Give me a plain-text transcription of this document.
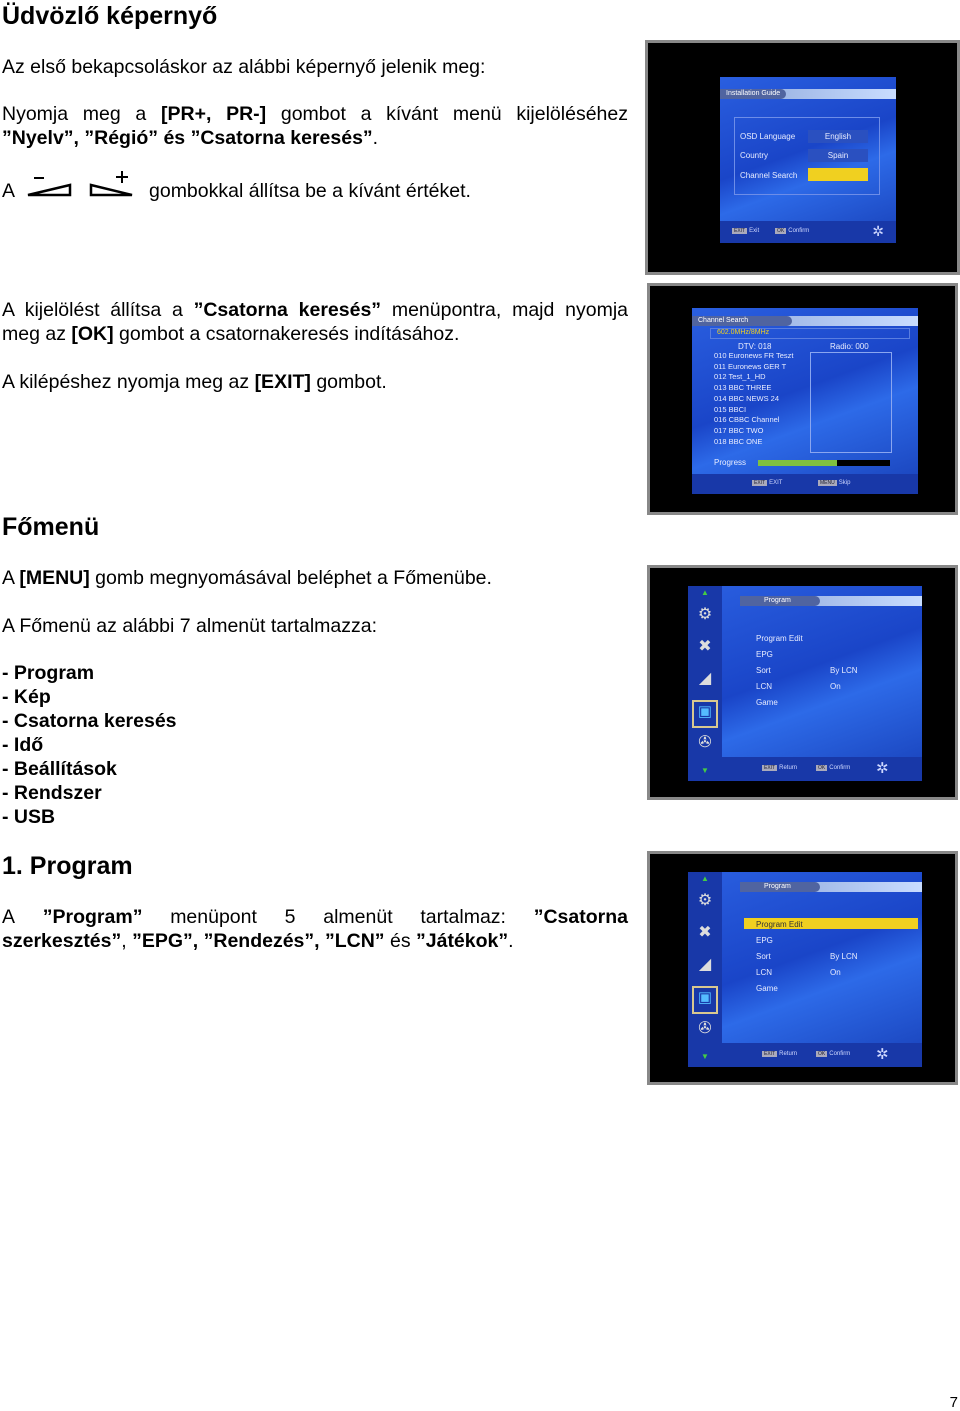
Üdvözlő képernyő
Az első bekapcsoláskor az alábbi képernyő jelenik meg:
Nyomja meg a [PR+, PR-] gombot a kívánt menü kijelöléséhez
”Nyelv”, ”Régió” és ”Csatorna keresés”.
A	gombokkal állítsa be a kívánt értéket.
A kijelölést állítsa a ”Csatorna keresés” menüpontra, majd nyomja
meg az [OK] gombot a csatornakeresés indításához.
A kilépéshez nyomja meg az [EXIT] gombot.
Főmenü
A [MENU] gomb megnyomásával beléphet a Főmenübe.
A Főmenü az alábbi 7 almenüt tartalmazza:
- Program
- Kép
- Csatorna keresés
- Idő
- Beállítások
- Rendszer
- USB
1. Program
A ”Program” menüpont 5 almenüt tartalmaz: ”Csatorna
szerkesztés”, ”EPG”, ”Rendezés”, ”LCN” és ”Játékok”.
Installation Guide
OSD Language	English
Country	Spain
Channel Search
EXIT Exit	OK Confirm	✲
Channel Search
602.0MHz/8MHz
DTV: 018	Radio: 000
010 Euronews FR Teszt
011 Euronews GER T
012 Test_1_HD
013 BBC THREE
014 BBC NEWS 24
015 BBCI
016 CBBC Channel
017 BBC TWO
018 BBC ONE
Progress
EXIT EXIT	MENU Skip
▲
⚙
✖
◢
▣
✇
▼
Program
Program Edit
EPG
Sort	By LCN
LCN	On
Game
EXIT Return	OK Confirm ✲
▲
⚙
✖
◢
▣
✇
▼
Program
Program Edit
EPG
Sort	By LCN
LCN	On
Game
EXIT Return	OK Confirm ✲
7
